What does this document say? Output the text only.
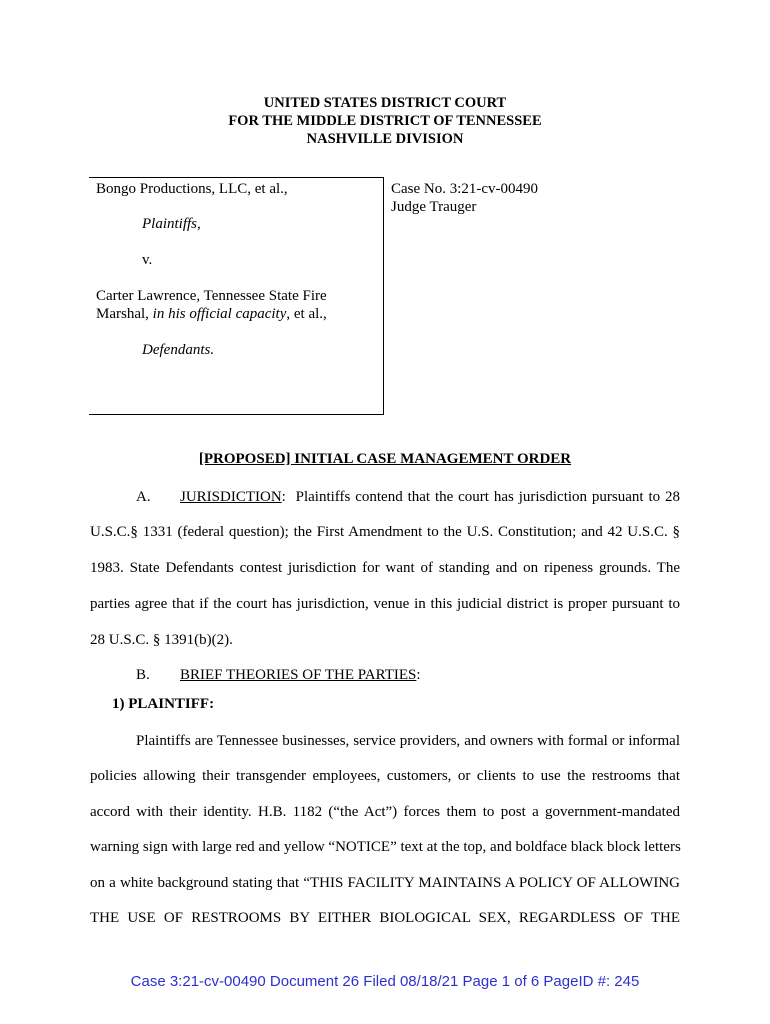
UNITED STATES DISTRICT COURT
FOR THE MIDDLE DISTRICT OF TENNESSEE
NASHVILLE DIVISION
Bongo Productions, LLC, et al.,
Plaintiffs,
v.
Carter Lawrence, Tennessee State Fire
Marshal, in his official capacity, et al.,
Defendants.
Case No. 3:21-cv-00490
Judge Trauger
[PROPOSED] INITIAL CASE MANAGEMENT ORDER
A. JURISDICTION: Plaintiffs contend that the court has jurisdiction pursuant to 28
U.S.C.§ 1331 (federal question); the First Amendment to the U.S. Constitution; and 42 U.S.C. §
1983. State Defendants contest jurisdiction for want of standing and on ripeness grounds. The
parties agree that if the court has jurisdiction, venue in this judicial district is proper pursuant to
28 U.S.C. § 1391(b)(2).
B. BRIEF THEORIES OF THE PARTIES:
1) PLAINTIFF:
Plaintiffs are Tennessee businesses, service providers, and owners with formal or informal
policies allowing their transgender employees, customers, or clients to use the restrooms that
accord with their identity. H.B. 1182 (“the Act”) forces them to post a government-mandated
warning sign with large red and yellow “NOTICE” text at the top, and boldface black block letters
on a white background stating that “THIS FACILITY MAINTAINS A POLICY OF ALLOWING
THE USE OF RESTROOMS BY EITHER BIOLOGICAL SEX, REGARDLESS OF THE
Case 3:21-cv-00490 Document 26 Filed 08/18/21 Page 1 of 6 PageID #: 245
